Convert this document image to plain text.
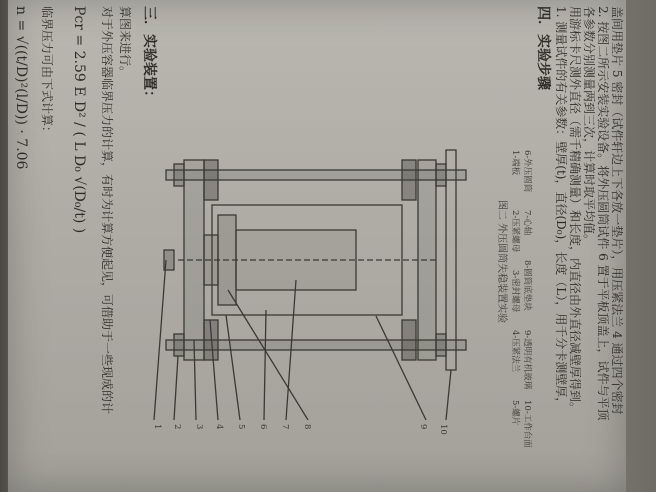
n = √((t/D)²(l/D)) · 7.06 临界压力可由下式计算： Pcr = 2.59 E D² / ( L D₀ √(D₀/t) ) 对于外压容器临界压力的计算，有时为计算方便起见，可借助于一些现成的计 算图来进行。 三．实验装置：
1 2 3 4 5 6 7 8	9 10
图二 外压圆筒失稳装置实验
1-端板
2-压紧螺母
3-密封螺母
4-压紧法兰
5-螺片
6-外压圆筒
7-心轴
8-圆筒底垫块
9-透明有机玻璃
10-工作台面
四．实验步骤 1. 测量试件的有关参数：壁厚(t)，直径(D₀)，长度（L），用千分卡测壁厚， 用游标卡尺测外直径（需千精确测量）和长度，内直径由外直径减壁厚得到。 各参数分别测量两到三次，计算时取平均值。 2. 按图二所示安装实验设备。将外压圆筒试件 6 置于平板顶盖上，试件与平顶 盖间用垫片 5 密封（试件轩边上下各放一垫片），用压紧法兰 4 通过四个密封
